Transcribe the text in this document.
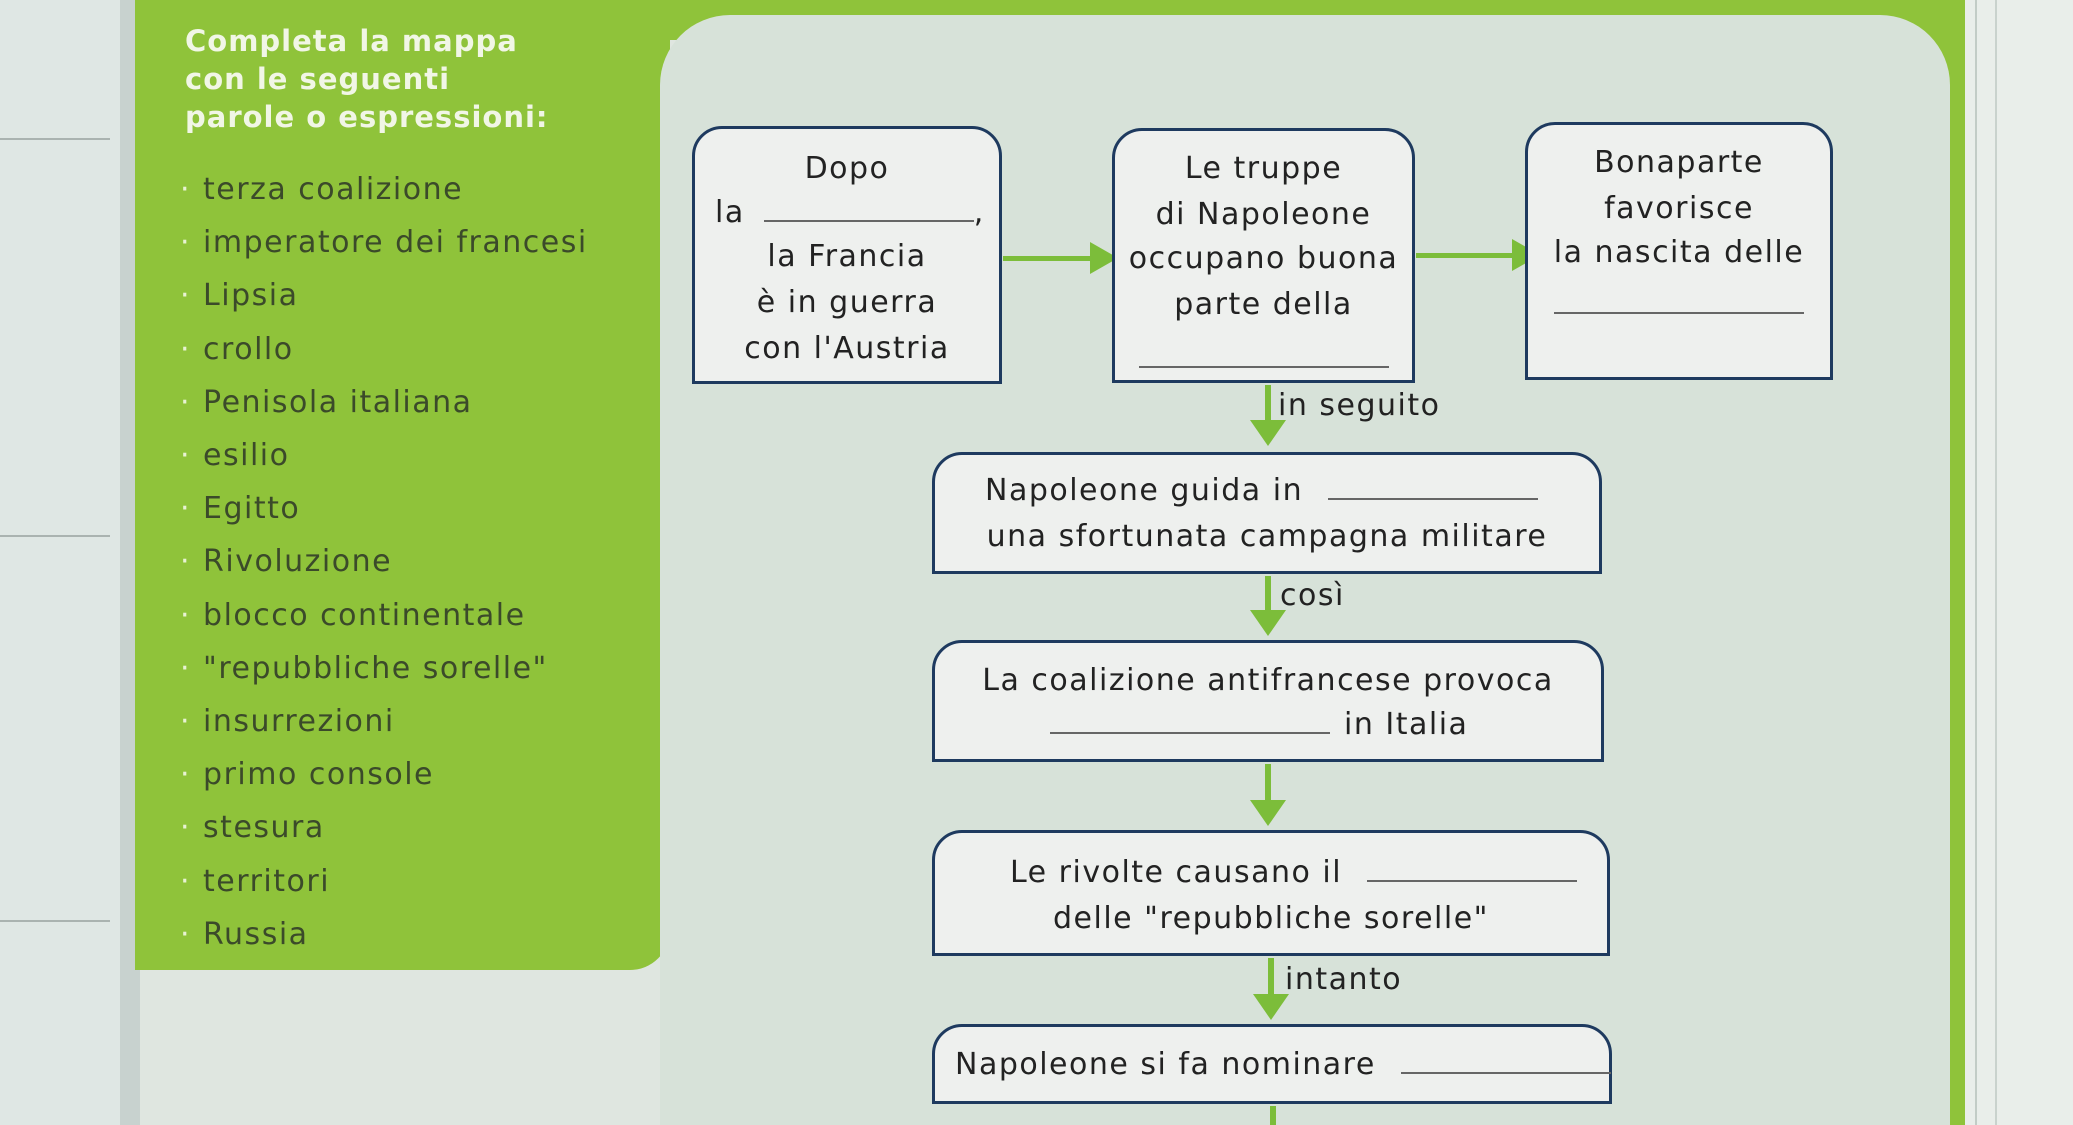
Completa la mappa
con le seguenti
parole o espressioni:

· terza coalizione
· imperatore dei francesi
· Lipsia
· crollo
· Penisola italiana
· esilio
· Egitto
· Rivoluzione
· blocco continentale
· "repubbliche sorelle"
· insurrezioni
· primo console
· stesura
· territori
· Russia
Dopo
la	,
la Francia
è in guerra
con l'Austria
Le truppe
di Napoleone
occupano buona
parte della
Bonaparte
favorisce
la nascita delle
in seguito
Napoleone guida in
una sfortunata campagna militare
così
La coalizione antifrancese provoca
in Italia
Le rivolte causano il
delle "repubbliche sorelle"
intanto
Napoleone si fa nominare
